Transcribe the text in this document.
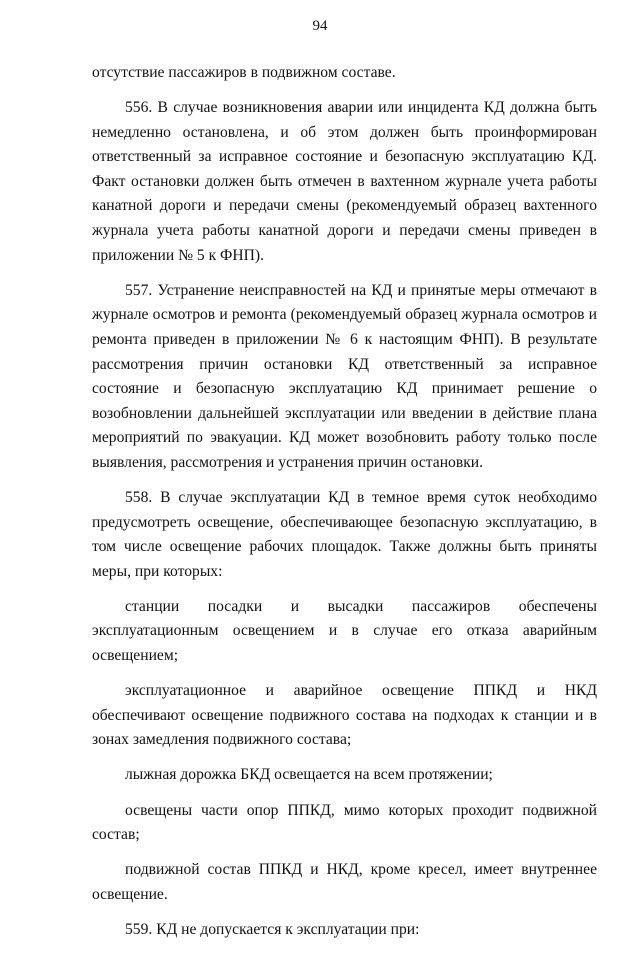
94

отсутствие пассажиров в подвижном составе.

556. В случае возникновения аварии или инцидента КД должна быть немедленно остановлена, и об этом должен быть проинформирован ответственный за исправное состояние и безопасную эксплуатацию КД. Факт остановки должен быть отмечен в вахтенном журнале учета работы канатной дороги и передачи смены (рекомендуемый образец вахтенного журнала учета работы канатной дороги и передачи смены приведен в приложении № 5 к ФНП).

557. Устранение неисправностей на КД и принятые меры отмечают в журнале осмотров и ремонта (рекомендуемый образец журнала осмотров и ремонта приведен в приложении № 6 к настоящим ФНП). В результате рассмотрения причин остановки КД ответственный за исправное состояние и безопасную эксплуатацию КД принимает решение о возобновлении дальнейшей эксплуатации или введении в действие плана мероприятий по эвакуации. КД может возобновить работу только после выявления, рассмотрения и устранения причин остановки.

558. В случае эксплуатации КД в темное время суток необходимо предусмотреть освещение, обеспечивающее безопасную эксплуатацию, в том числе освещение рабочих площадок. Также должны быть приняты меры, при которых:

станции посадки и высадки пассажиров обеспечены эксплуатационным освещением и в случае его отказа аварийным освещением;

эксплуатационное и аварийное освещение ППКД и НКД обеспечивают освещение подвижного состава на подходах к станции и в зонах замедления подвижного состава;

лыжная дорожка БКД освещается на всем протяжении;

освещены части опор ППКД, мимо которых проходит подвижной состав;

подвижной состав ППКД и НКД, кроме кресел, имеет внутреннее освещение.

559. КД не допускается к эксплуатации при:
